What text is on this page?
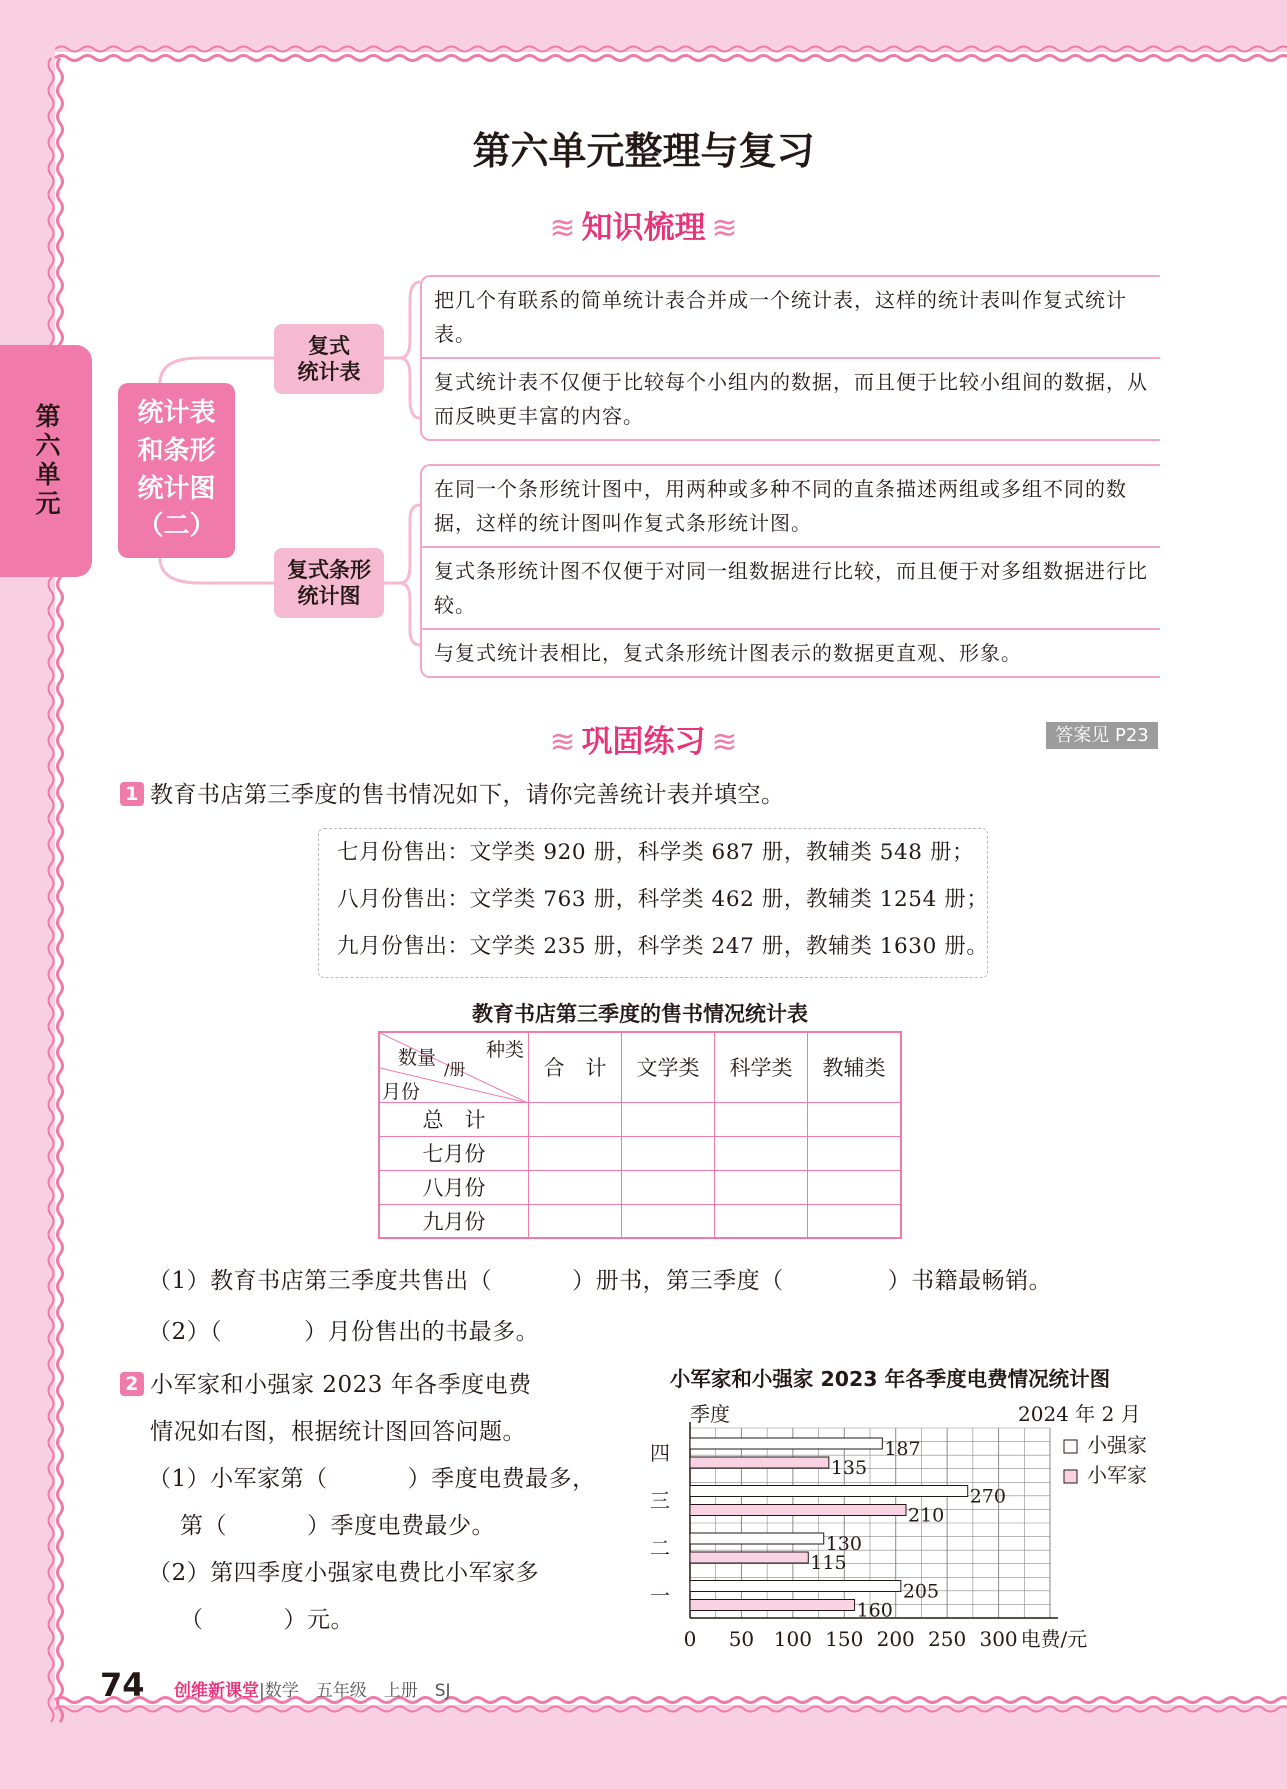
第六单元
第六单元整理与复习
≋ 知识梳理 ≋
统计表
和条形
统计图
（二）
复式
统计表
复式条形
统计图
把几个有联系的简单统计表合并成一个统计表，这样的统计表叫作复式统计表。
复式统计表不仅便于比较每个小组内的数据，而且便于比较小组间的数据，从而反映更丰富的内容。
在同一个条形统计图中，用两种或多种不同的直条描述两组或多组不同的数据，这样的统计图叫作复式条形统计图。
复式条形统计图不仅便于对同一组数据进行比较，而且便于对多组数据进行比较。
与复式统计表相比，复式条形统计图表示的数据更直观、形象。
≋ 巩固练习 ≋	答案见 P23
1 教育书店第三季度的售书情况如下，请你完善统计表并填空。
七月份售出：文学类 920 册，科学类 687 册，教辅类 548 册；
八月份售出：文学类 763 册，科学类 462 册，教辅类 1254 册；
九月份售出：文学类 235 册，科学类 247 册，教辅类 1630 册。
教育书店第三季度的售书情况统计表
种类
数量
/册
月份	合　计	文学类	科学类	教辅类
总　计				
七月份				
八月份				
九月份				
（1）教育书店第三季度共售出（	）册书，第三季度（	）书籍最畅销。
（2）（	）月份售出的书最多。
2 小军家和小强家 2023 年各季度电费
情况如右图，根据统计图回答问题。
（1）小军家第（	）季度电费最多，
第（	）季度电费最少。
（2）第四季度小强家电费比小军家多
（	）元。
小军家和小强家 2023 年各季度电费情况统计图
季度	2024 年 2 月
0 50 100 150 200 250 300 电费/元
四	187
135
三	270
210
二	130
115
一	205
160
小强家
小军家
74 创维新课堂|数学　五年级　上册　SJ
